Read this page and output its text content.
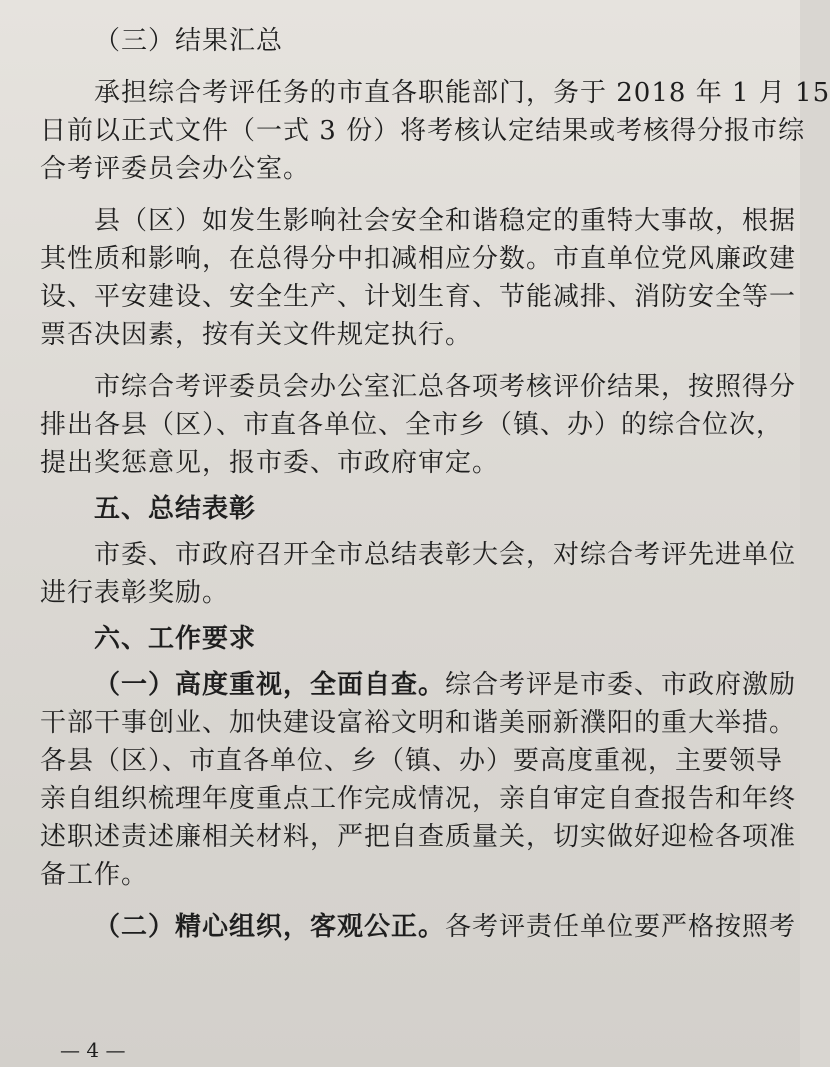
（三）结果汇总
承担综合考评任务的市直各职能部门，务于 2018 年 1 月 15
日前以正式文件（一式 3 份）将考核认定结果或考核得分报市综
合考评委员会办公室。
县（区）如发生影响社会安全和谐稳定的重特大事故，根据
其性质和影响，在总得分中扣减相应分数。市直单位党风廉政建
设、平安建设、安全生产、计划生育、节能减排、消防安全等一
票否决因素，按有关文件规定执行。
市综合考评委员会办公室汇总各项考核评价结果，按照得分
排出各县（区）、市直各单位、全市乡（镇、办）的综合位次，
提出奖惩意见，报市委、市政府审定。
五、总结表彰
市委、市政府召开全市总结表彰大会，对综合考评先进单位
进行表彰奖励。
六、工作要求
（一）高度重视，全面自查。综合考评是市委、市政府激励
干部干事创业、加快建设富裕文明和谐美丽新濮阳的重大举措。
各县（区）、市直各单位、乡（镇、办）要高度重视，主要领导
亲自组织梳理年度重点工作完成情况，亲自审定自查报告和年终
述职述责述廉相关材料，严把自查质量关，切实做好迎检各项准
备工作。
（二）精心组织，客观公正。各考评责任单位要严格按照考
— 4 —
